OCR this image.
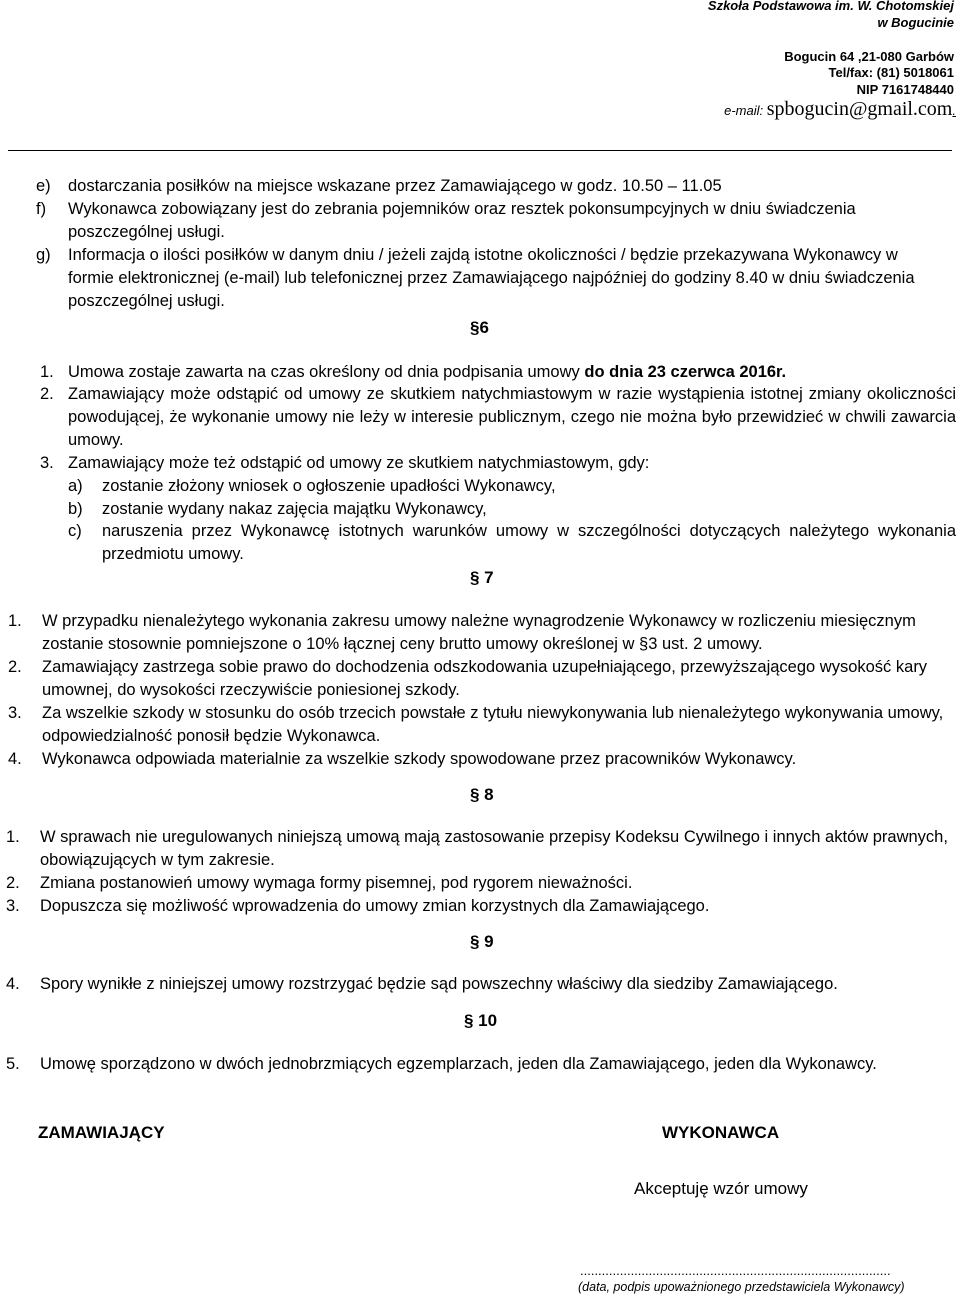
Szkoła Podstawowa im. W. Chotomskiej
w Bogucinie
Bogucin 64 ,21-080 Garbów
Tel/fax: (81) 5018061
NIP 7161748440
e-mail: spbogucin@gmail.com.
e) dostarczania posiłków na miejsce wskazane przez Zamawiającego w godz. 10.50 – 11.05
f) Wykonawca zobowiązany jest do zebrania pojemników oraz resztek pokonsumpcyjnych w dniu świadczenia poszczególnej usługi.
g) Informacja o ilości posiłków w danym dniu / jeżeli zajdą istotne okoliczności / będzie przekazywana Wykonawcy w formie elektronicznej (e-mail) lub telefonicznej przez Zamawiającego najpóźniej do godziny 8.40 w dniu świadczenia poszczególnej usługi.
§6
1. Umowa zostaje zawarta na czas określony od dnia podpisania umowy do dnia 23 czerwca 2016r.
2. Zamawiający może odstąpić od umowy ze skutkiem natychmiastowym w razie wystąpienia istotnej zmiany okoliczności powodującej, że wykonanie umowy nie leży w interesie publicznym, czego nie można było przewidzieć w chwili zawarcia umowy.
3. Zamawiający może też odstąpić od umowy ze skutkiem natychmiastowym, gdy:
a) zostanie złożony wniosek o ogłoszenie upadłości Wykonawcy,
b) zostanie wydany nakaz zajęcia majątku Wykonawcy,
c) naruszenia przez Wykonawcę istotnych warunków umowy w szczególności dotyczących należytego wykonania przedmiotu umowy.
§ 7
1. W przypadku nienależytego wykonania zakresu umowy należne wynagrodzenie Wykonawcy w rozliczeniu miesięcznym zostanie stosownie pomniejszone o 10% łącznej ceny brutto umowy określonej w §3 ust. 2 umowy.
2. Zamawiający zastrzega sobie prawo do dochodzenia odszkodowania uzupełniającego, przewyższającego wysokość kary umownej, do wysokości rzeczywiście poniesionej szkody.
3. Za wszelkie szkody w stosunku do osób trzecich powstałe z tytułu niewykonywania lub nienależytego wykonywania umowy, odpowiedzialność ponosił będzie Wykonawca.
4. Wykonawca odpowiada materialnie za wszelkie szkody spowodowane przez pracowników Wykonawcy.
§ 8
1. W sprawach nie uregulowanych niniejszą umową mają zastosowanie przepisy Kodeksu Cywilnego i innych aktów prawnych, obowiązujących w tym zakresie.
2. Zmiana postanowień umowy wymaga formy pisemnej, pod rygorem nieważności.
3. Dopuszcza się możliwość wprowadzenia do umowy zmian korzystnych dla Zamawiającego.
§ 9
4. Spory wynikłe z niniejszej umowy rozstrzygać będzie sąd powszechny właściwy dla siedziby Zamawiającego.
§ 10
5. Umowę sporządzono w dwóch jednobrzmiących egzemplarzach, jeden dla Zamawiającego, jeden dla Wykonawcy.
ZAMAWIAJĄCY	WYKONAWCA
Akceptuję wzór umowy
......................................................................................
(data, podpis upoważnionego przedstawiciela Wykonawcy)
